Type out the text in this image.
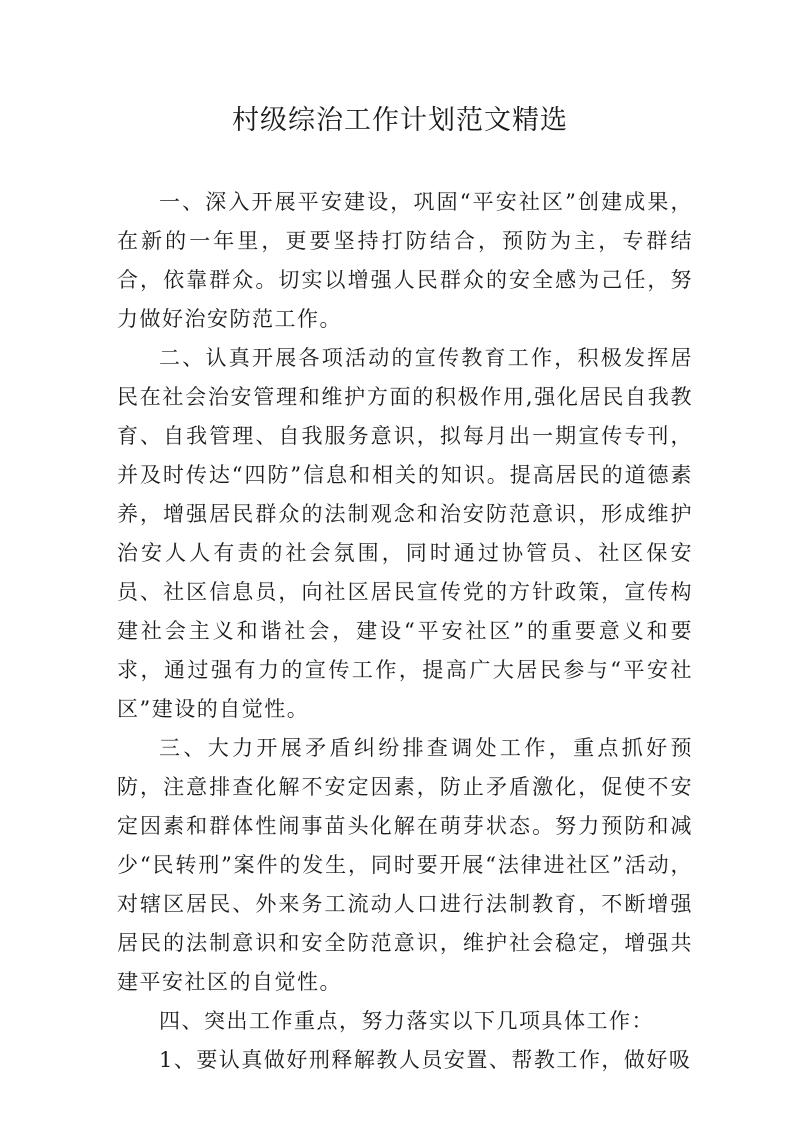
村级综治工作计划范文精选

一、深入开展平安建设，巩固“平安社区”创建成果，在新的一年里，更要坚持打防结合，预防为主，专群结合，依靠群众。切实以增强人民群众的安全感为己任，努力做好治安防范工作。

二、认真开展各项活动的宣传教育工作，积极发挥居民在社会治安管理和维护方面的积极作用,强化居民自我教育、自我管理、自我服务意识，拟每月出一期宣传专刊，并及时传达“四防”信息和相关的知识。提高居民的道德素养，增强居民群众的法制观念和治安防范意识，形成维护治安人人有责的社会氛围，同时通过协管员、社区保安员、社区信息员，向社区居民宣传党的方针政策，宣传构建社会主义和谐社会，建设“平安社区”的重要意义和要求，通过强有力的宣传工作，提高广大居民参与“平安社区”建设的自觉性。

三、大力开展矛盾纠纷排查调处工作，重点抓好预防，注意排查化解不安定因素，防止矛盾激化，促使不安定因素和群体性闹事苗头化解在萌芽状态。努力预防和减少“民转刑”案件的发生，同时要开展“法律进社区”活动，对辖区居民、外来务工流动人口进行法制教育，不断增强居民的法制意识和安全防范意识，维护社会稳定，增强共建平安社区的自觉性。

四、突出工作重点，努力落实以下几项具体工作：

1、要认真做好刑释解教人员安置、帮教工作，做好吸
